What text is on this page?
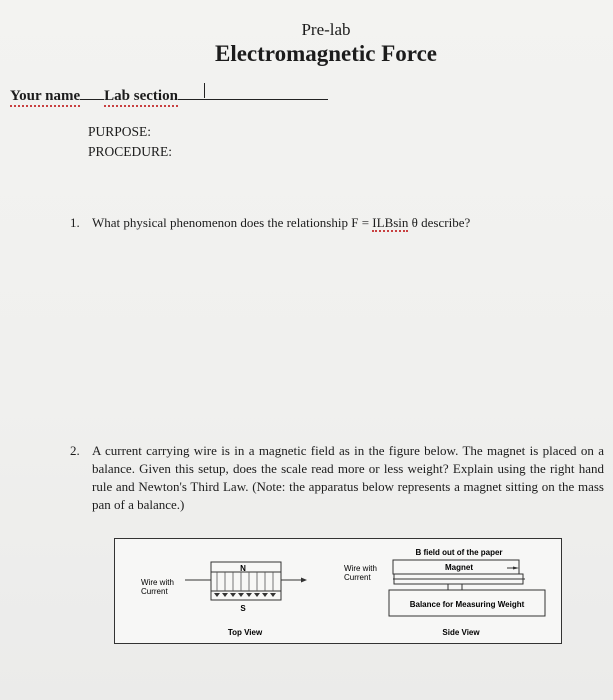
Pre-lab
Electromagnetic Force
Your name Lab section
PURPOSE:
PROCEDURE:
1. What physical phenomenon does the relationship F = ILBsin θ describe?
2. A current carrying wire is in a magnetic field as in the figure below. The magnet is placed on a balance. Given this setup, does the scale read more or less weight? Explain using the right hand rule and Newton's Third Law. (Note: the apparatus below represents a magnet sitting on the mass pan of a balance.)
N
S
Wire with
Current
Wire with
Current
B field out of the paper
Magnet
Balance for Measuring Weight
Top View	Side View
